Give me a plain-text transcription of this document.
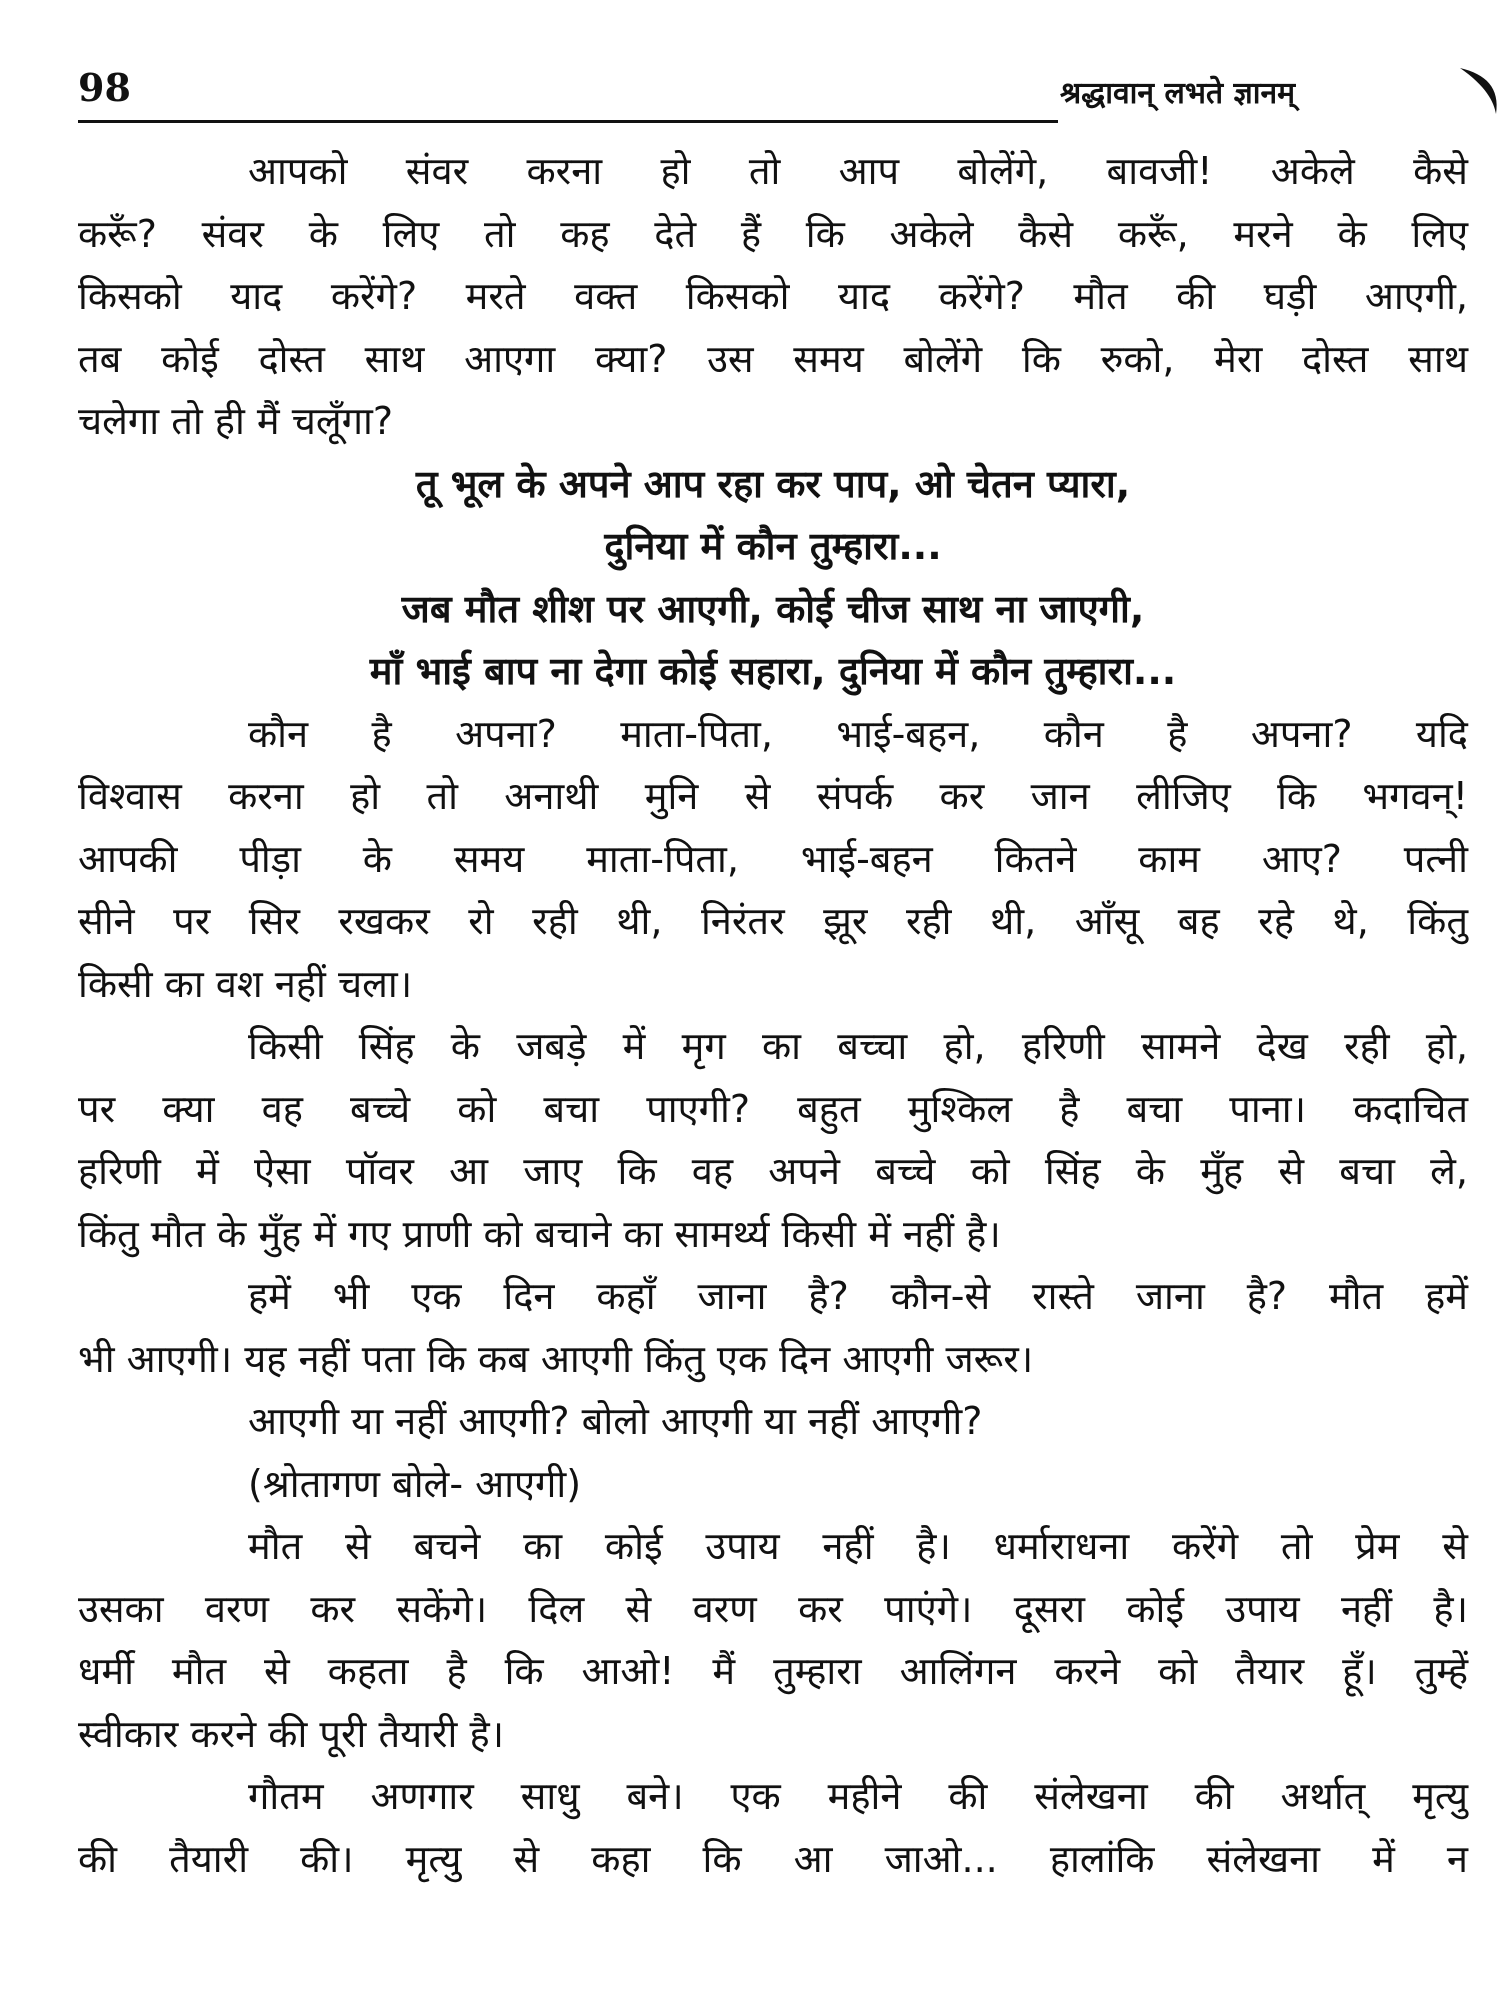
98	श्रद्धावान् लभते ज्ञानम्
आपको संवर करना हो तो आप बोलेंगे, बावजी! अकेले कैसे
करूँ? संवर के लिए तो कह देते हैं कि अकेले कैसे करूँ, मरने के लिए
किसको याद करेंगे? मरते वक्त किसको याद करेंगे? मौत की घड़ी आएगी,
तब कोई दोस्त साथ आएगा क्या? उस समय बोलेंगे कि रुको, मेरा दोस्त साथ
चलेगा तो ही मैं चलूँगा?
तू भूल के अपने आप रहा कर पाप, ओ चेतन प्यारा,
दुनिया में कौन तुम्हारा...
जब मौत शीश पर आएगी, कोई चीज साथ ना जाएगी,
माँ भाई बाप ना देगा कोई सहारा, दुनिया में कौन तुम्हारा...
कौन है अपना? माता-पिता, भाई-बहन, कौन है अपना? यदि
विश्वास करना हो तो अनाथी मुनि से संपर्क कर जान लीजिए कि भगवन्!
आपकी पीड़ा के समय माता-पिता, भाई-बहन कितने काम आए? पत्नी
सीने पर सिर रखकर रो रही थी, निरंतर झूर रही थी, आँसू बह रहे थे, किंतु
किसी का वश नहीं चला।
किसी सिंह के जबड़े में मृग का बच्चा हो, हरिणी सामने देख रही हो,
पर क्या वह बच्चे को बचा पाएगी? बहुत मुश्किल है बचा पाना। कदाचित
हरिणी में ऐसा पॉवर आ जाए कि वह अपने बच्चे को सिंह के मुँह से बचा ले,
किंतु मौत के मुँह में गए प्राणी को बचाने का सामर्थ्य किसी में नहीं है।
हमें भी एक दिन कहाँ जाना है? कौन-से रास्ते जाना है? मौत हमें
भी आएगी। यह नहीं पता कि कब आएगी किंतु एक दिन आएगी जरूर।
आएगी या नहीं आएगी? बोलो आएगी या नहीं आएगी?
(श्रोतागण बोले- आएगी)
मौत से बचने का कोई उपाय नहीं है। धर्माराधना करेंगे तो प्रेम से
उसका वरण कर सकेंगे। दिल से वरण कर पाएंगे। दूसरा कोई उपाय नहीं है।
धर्मी मौत से कहता है कि आओ! मैं तुम्हारा आलिंगन करने को तैयार हूँ। तुम्हें
स्वीकार करने की पूरी तैयारी है।
गौतम अणगार साधु बने। एक महीने की संलेखना की अर्थात् मृत्यु
की तैयारी की। मृत्यु से कहा कि आ जाओ... हालांकि संलेखना में न
